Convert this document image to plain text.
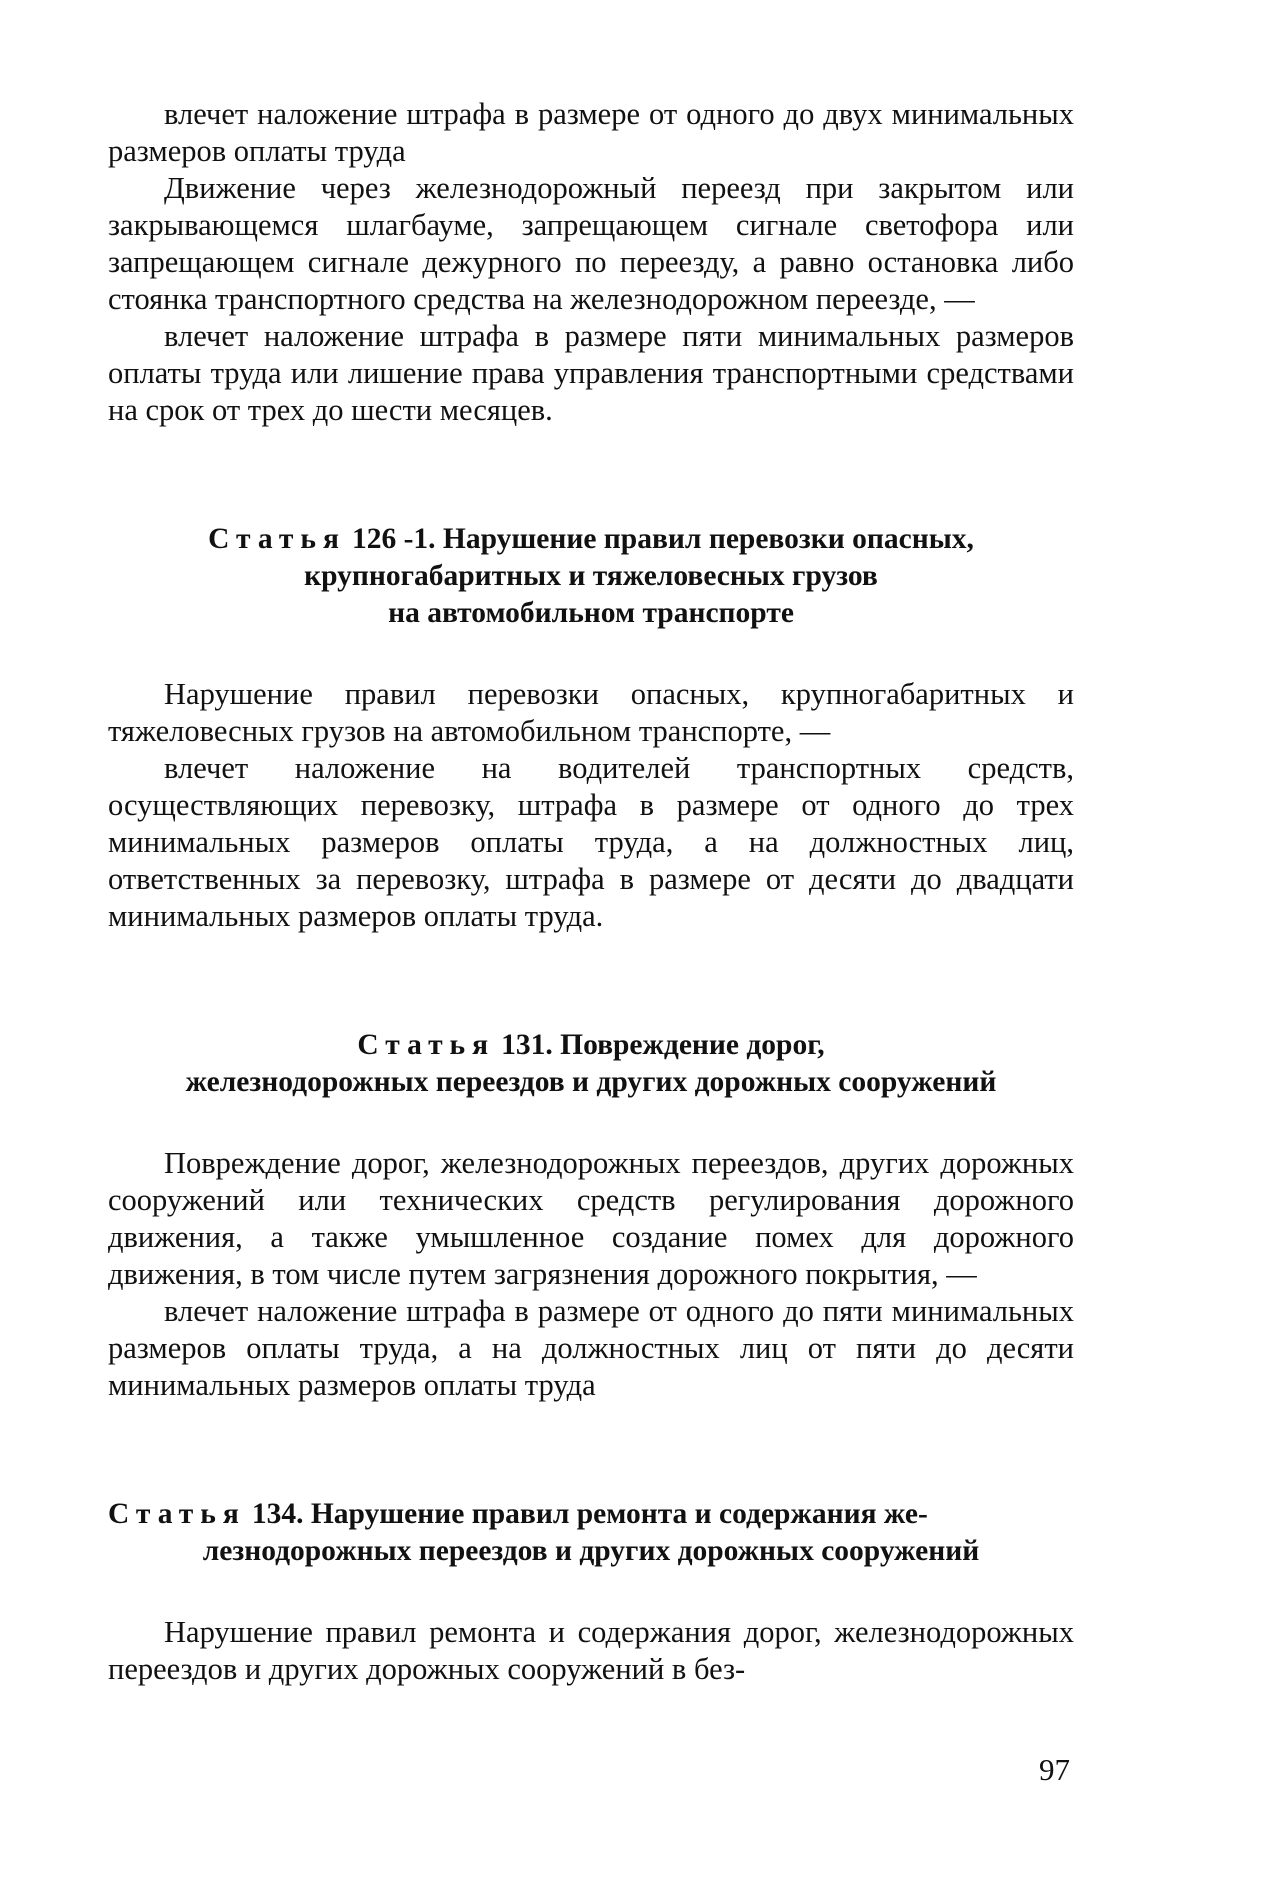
влечет наложение штрафа в размере от одного до двух минимальных размеров оплаты труда

Движение через железнодорожный переезд при закрытом или закрывающемся шлагбауме, запрещающем сигнале светофора или запрещающем сигнале дежурного по переезду, а равно остановка либо стоянка транспортного средства на железнодорожном переезде, —

влечет наложение штрафа в размере пяти минимальных размеров оплаты труда или лишение права управления транспортными средствами на срок от трех до шести месяцев.

Статья 126 -1. Нарушение правил перевозки опасных,
крупногабаритных и тяжеловесных грузов
на автомобильном транспорте

Нарушение правил перевозки опасных, крупногабаритных и тяжеловесных грузов на автомобильном транспорте, —

влечет наложение на водителей транспортных средств, осуществляющих перевозку, штрафа в размере от одного до трех минимальных размеров оплаты труда, а на должностных лиц, ответственных за перевозку, штрафа в размере от десяти до двадцати минимальных размеров оплаты труда.

Статья 131. Повреждение дорог,
железнодорожных переездов и других дорожных сооружений

Повреждение дорог, железнодорожных переездов, других дорожных сооружений или технических средств регулирования дорожного движения, а также умышленное создание помех для дорожного движения, в том числе путем загрязнения дорожного покрытия, —

влечет наложение штрафа в размере от одного до пяти минимальных размеров оплаты труда, а на должностных лиц от пяти до десяти минимальных размеров оплаты труда

Статья 134. Нарушение правил ремонта и содержания же-
лезнодорожных переездов и других дорожных сооружений

Нарушение правил ремонта и содержания дорог, железнодорожных переездов и других дорожных сооружений в без-

97
